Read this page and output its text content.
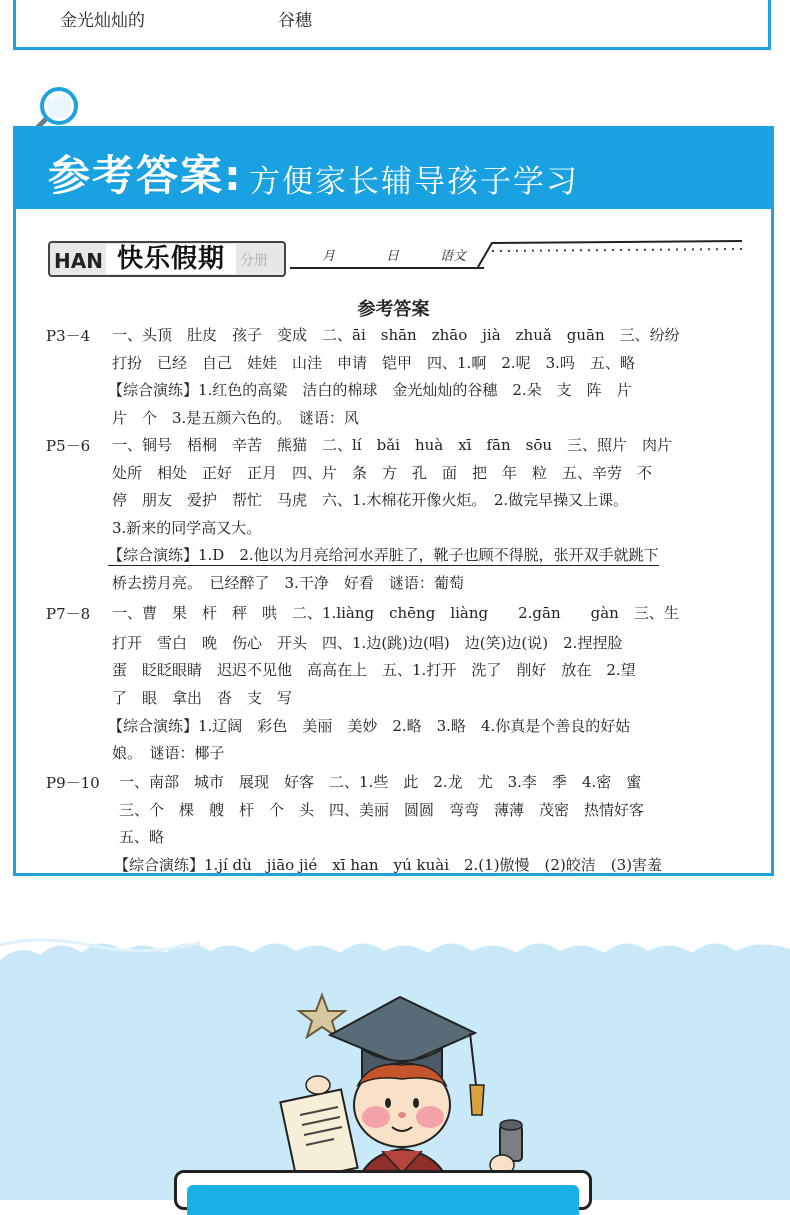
金光灿灿的	谷穗
参考答案: 方便家长辅导孩子学习
HAN 快乐假期	分册	月	日	语文
参考答案
P3－4 一、头顶　肚皮　孩子　变成　二、āi　shān　zhāo　jià　zhuǎ　guān　三、纷纷
打扮　已经　自己　娃娃　山洼　申请　铠甲　四、1.啊　2.呢　3.吗　五、略
【综合演练】1.红色的高粱　洁白的棉球　金光灿灿的谷穗　2.朵　支　阵　片
片　个　3.是五颜六色的。　谜语：风
P5－6 一、铜号　梧桐　辛苦　熊猫　二、lí　bǎi　huà　xī　fān　sōu　三、照片　肉片
处所　相处　正好　正月　四、片　条　方　孔　面　把　年　粒　五、辛劳　不
停　朋友　爱护　帮忙　马虎　六、1.木棉花开像火炬。　2.做完早操又上课。
3.新来的同学高又大。
【综合演练】1.D　2.他以为月亮给河水弄脏了，靴子也顾不得脱，张开双手就跳下
桥去捞月亮。　已经醉了　3.干净　好看　谜语：葡萄
P7－8 一、曹　果　杆　秤　哄　二、1.liàng　chēng　liàng　　2.gān　　gàn　三、生
打开　雪白　晚　伤心　开头　四、1.边(跳)边(唱)　边(笑)边(说)　2.捏捏脸
蛋　眨眨眼睛　迟迟不见他　高高在上　五、1.打开　洗了　削好　放在　2.望
了　眼　拿出　沓　支　写
【综合演练】1.辽阔　彩色　美丽　美妙　2.略　3.略　4.你真是个善良的好姑
娘。　谜语：椰子
P9－10 一、南部　城市　展现　好客　二、1.些　此　2.龙　尤　3.李　季　4.密　蜜
三、个　棵　艘　杆　个　头　四、美丽　圆圆　弯弯　薄薄　茂密　热情好客
五、略
【综合演练】1.jí dù　jiāo jié　xī han　yú kuài　2.(1)傲慢　(2)皎洁　(3)害羞
